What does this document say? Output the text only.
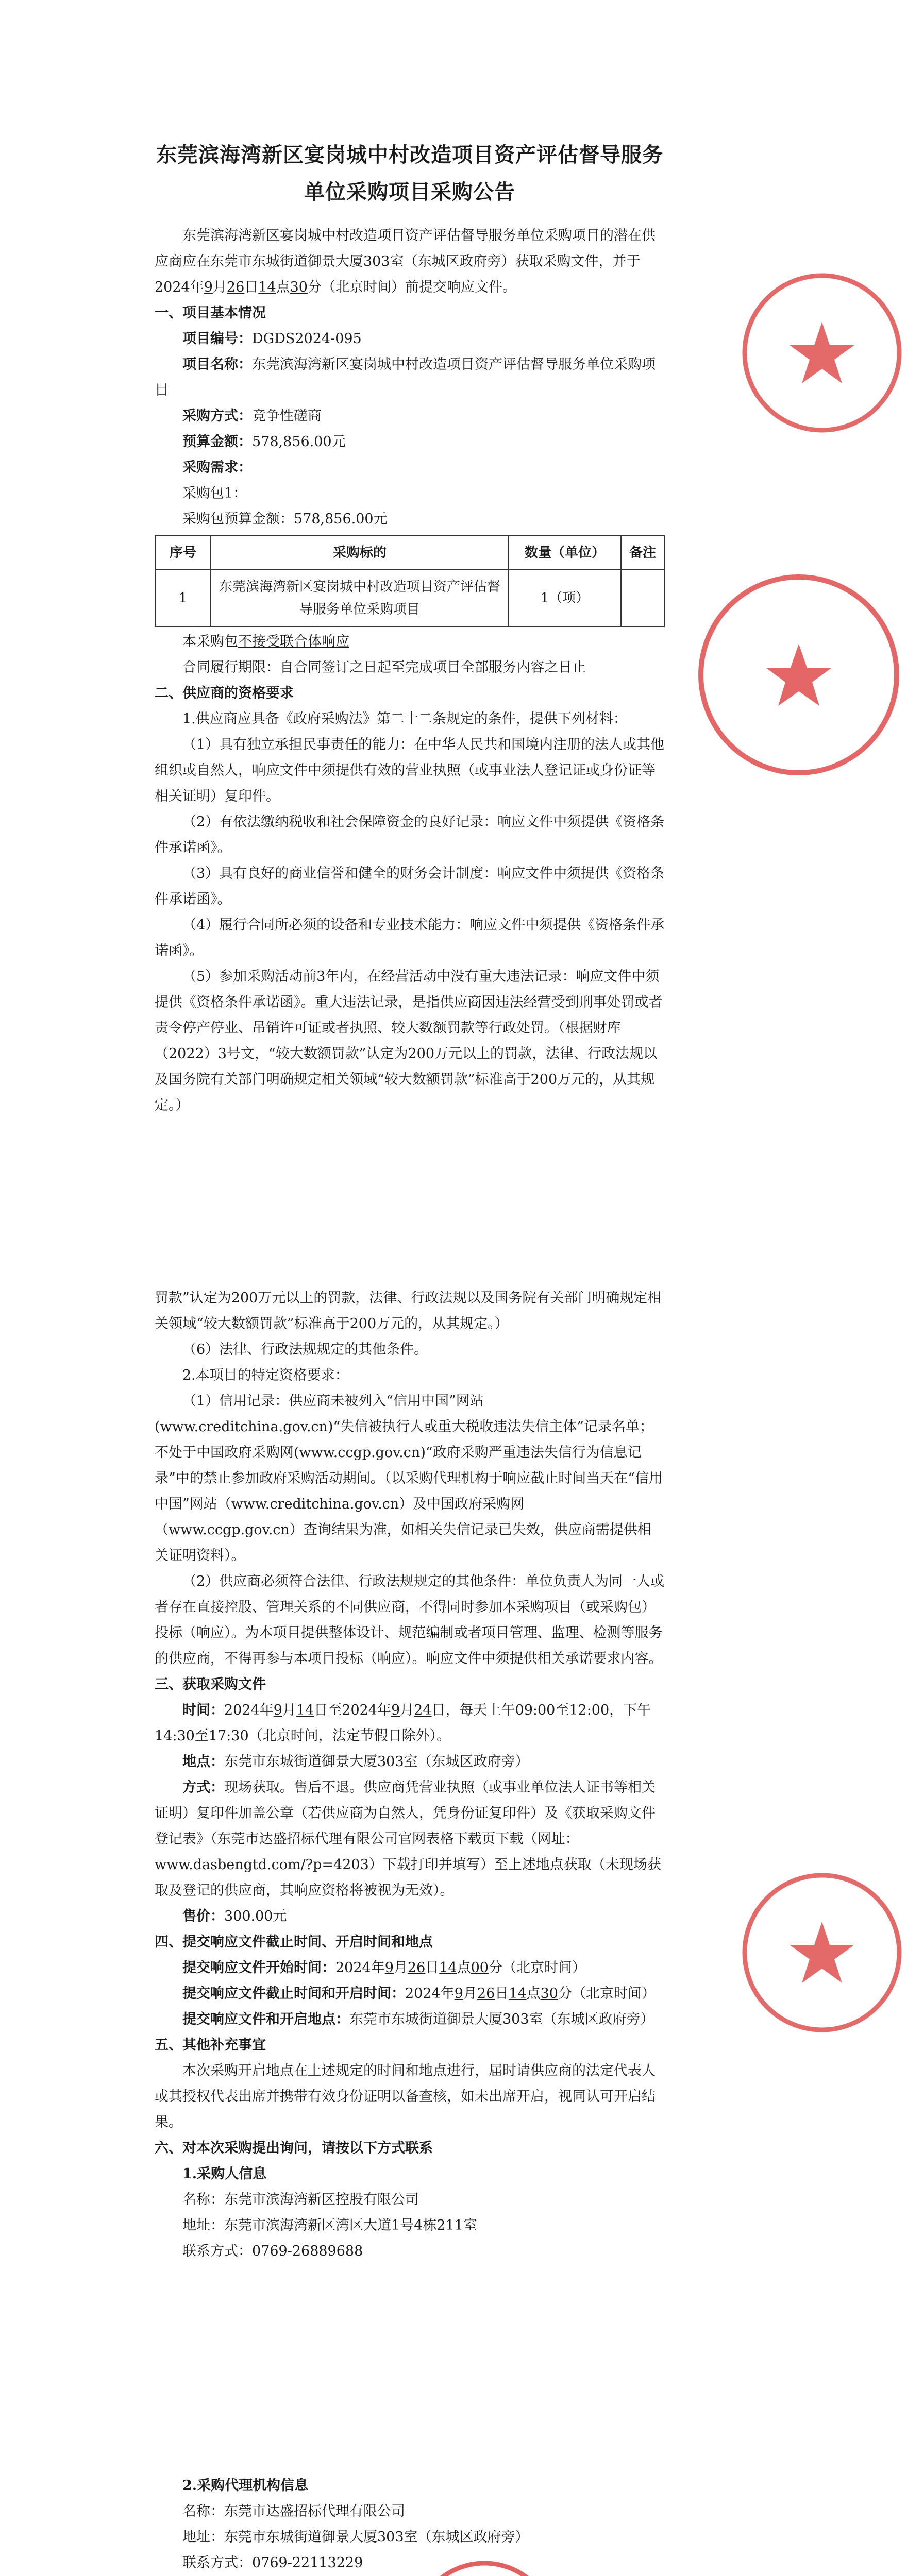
东莞滨海湾新区宴岗城中村改造项目资产评估督导服务单位采购项目采购公告

东莞滨海湾新区宴岗城中村改造项目资产评估督导服务单位采购项目的潜在供应商应在东莞市东城街道御景大厦303室（东城区政府旁）获取采购文件，并于2024年9月26日14点30分（北京时间）前提交响应文件。

一、项目基本情况

项目编号：DGDS2024-095

项目名称：东莞滨海湾新区宴岗城中村改造项目资产评估督导服务单位采购项目

采购方式：竞争性磋商

预算金额：578,856.00元

采购需求：

采购包1：

采购包预算金额：578,856.00元

序号	采购标的	数量（单位）	备注
1	东莞滨海湾新区宴岗城中村改造项目资产评估督导服务单位采购项目	1（项）	

本采购包不接受联合体响应

合同履行期限：自合同签订之日起至完成项目全部服务内容之日止

二、供应商的资格要求

1.供应商应具备《政府采购法》第二十二条规定的条件，提供下列材料：

（1）具有独立承担民事责任的能力：在中华人民共和国境内注册的法人或其他组织或自然人，响应文件中须提供有效的营业执照（或事业法人登记证或身份证等相关证明）复印件。

（2）有依法缴纳税收和社会保障资金的良好记录：响应文件中须提供《资格条件承诺函》。

（3）具有良好的商业信誉和健全的财务会计制度：响应文件中须提供《资格条件承诺函》。

（4）履行合同所必须的设备和专业技术能力：响应文件中须提供《资格条件承诺函》。

（5）参加采购活动前3年内，在经营活动中没有重大违法记录：响应文件中须提供《资格条件承诺函》。重大违法记录，是指供应商因违法经营受到刑事处罚或者责令停产停业、吊销许可证或者执照、较大数额罚款等行政处罚。（根据财库（2022）3号文，“较大数额罚款”认定为200万元以上的罚款，法律、行政法规以及国务院有关部门明确规定相关领域“较大数额罚款”标准高于200万元的，从其规定。）

罚款”认定为200万元以上的罚款，法律、行政法规以及国务院有关部门明确规定相关领域“较大数额罚款”标准高于200万元的，从其规定。）

（6）法律、行政法规规定的其他条件。

2.本项目的特定资格要求：

（1）信用记录：供应商未被列入“信用中国”网站(www.creditchina.gov.cn)“失信被执行人或重大税收违法失信主体”记录名单；不处于中国政府采购网(www.ccgp.gov.cn)“政府采购严重违法失信行为信息记录”中的禁止参加政府采购活动期间。（以采购代理机构于响应截止时间当天在“信用中国”网站（www.creditchina.gov.cn）及中国政府采购网（www.ccgp.gov.cn）查询结果为准，如相关失信记录已失效，供应商需提供相关证明资料）。

（2）供应商必须符合法律、行政法规规定的其他条件：单位负责人为同一人或者存在直接控股、管理关系的不同供应商，不得同时参加本采购项目（或采购包）投标（响应）。为本项目提供整体设计、规范编制或者项目管理、监理、检测等服务的供应商，不得再参与本项目投标（响应）。响应文件中须提供相关承诺要求内容。

三、获取采购文件

时间：2024年9月14日至2024年9月24日，每天上午09:00至12:00，下午14:30至17:30（北京时间，法定节假日除外）。

地点：东莞市东城街道御景大厦303室（东城区政府旁）

方式：现场获取。售后不退。供应商凭营业执照（或事业单位法人证书等相关证明）复印件加盖公章（若供应商为自然人，凭身份证复印件）及《获取采购文件登记表》（东莞市达盛招标代理有限公司官网表格下载页下载（网址：www.dasbengtd.com/?p=4203）下载打印并填写）至上述地点获取（未现场获取及登记的供应商，其响应资格将被视为无效）。

售价：300.00元

四、提交响应文件截止时间、开启时间和地点

提交响应文件开始时间：2024年9月26日14点00分（北京时间）

提交响应文件截止时间和开启时间：2024年9月26日14点30分（北京时间）

提交响应文件和开启地点：东莞市东城街道御景大厦303室（东城区政府旁）

五、其他补充事宜

本次采购开启地点在上述规定的时间和地点进行，届时请供应商的法定代表人或其授权代表出席并携带有效身份证明以备查核，如未出席开启，视同认可开启结果。

六、对本次采购提出询问，请按以下方式联系

1.采购人信息

名称：东莞市滨海湾新区控股有限公司

地址：东莞市滨海湾新区湾区大道1号4栋211室

联系方式：0769-26889688

2.采购代理机构信息

名称：东莞市达盛招标代理有限公司

地址：东莞市东城街道御景大厦303室（东城区政府旁）

联系方式：0769-22113229
